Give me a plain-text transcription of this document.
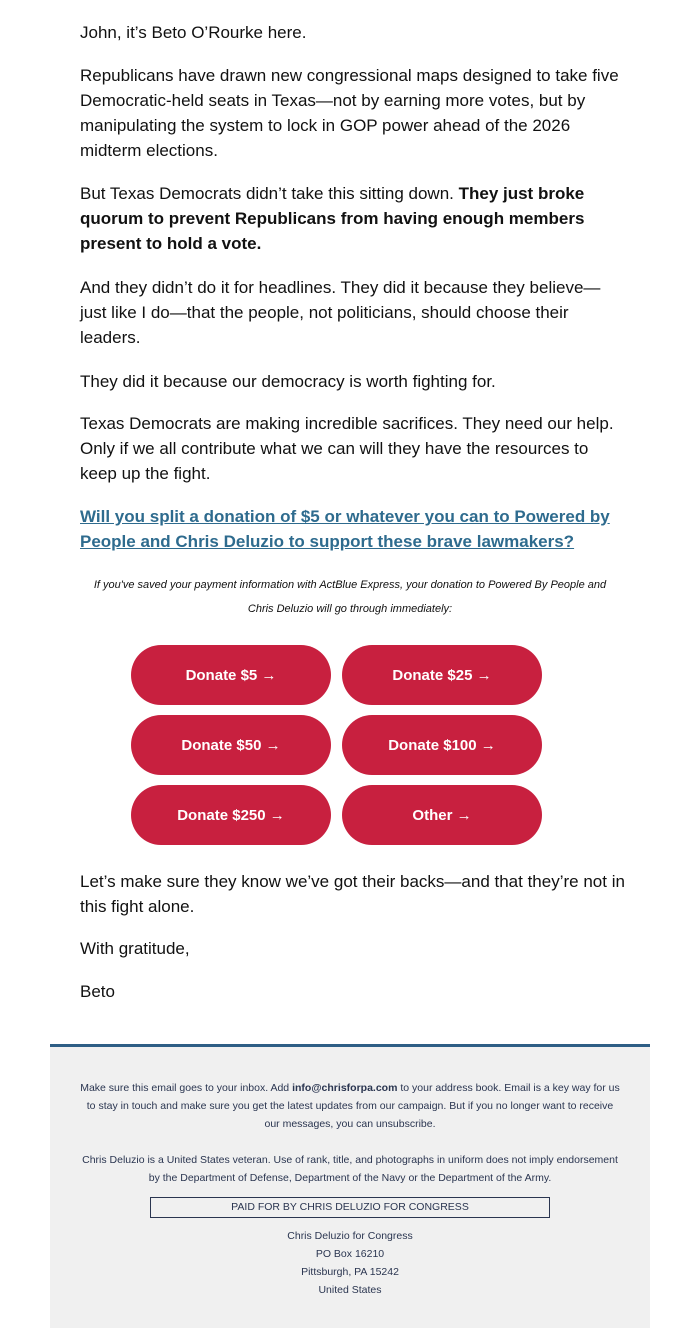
John, it’s Beto O’Rourke here.

Republicans have drawn new congressional maps designed to take five Democratic-held seats in Texas—not by earning more votes, but by manipulating the system to lock in GOP power ahead of the 2026 midterm elections.

But Texas Democrats didn’t take this sitting down. They just broke quorum to prevent Republicans from having enough members present to hold a vote.

And they didn’t do it for headlines. They did it because they believe—just like I do—that the people, not politicians, should choose their leaders.

They did it because our democracy is worth fighting for.

Texas Democrats are making incredible sacrifices. They need our help. Only if we all contribute what we can will they have the resources to keep up the fight.

Will you split a donation of $5 or whatever you can to Powered by People and Chris Deluzio to support these brave lawmakers?

If you've saved your payment information with ActBlue Express, your donation to Powered By People and Chris Deluzio will go through immediately:

Donate $5 →	Donate $25 →
Donate $50 →	Donate $100 →
Donate $250 →	Other →

Let’s make sure they know we’ve got their backs—and that they’re not in this fight alone.

With gratitude,

Beto

Make sure this email goes to your inbox. Add info@chrisforpa.com to your address book. Email is a key way for us to stay in touch and make sure you get the latest updates from our campaign. But if you no longer want to receive our messages, you can unsubscribe.

Chris Deluzio is a United States veteran. Use of rank, title, and photographs in uniform does not imply endorsement by the Department of Defense, Department of the Navy or the Department of the Army.

PAID FOR BY CHRIS DELUZIO FOR CONGRESS
Chris Deluzio for Congress
PO Box 16210
Pittsburgh, PA 15242
United States
